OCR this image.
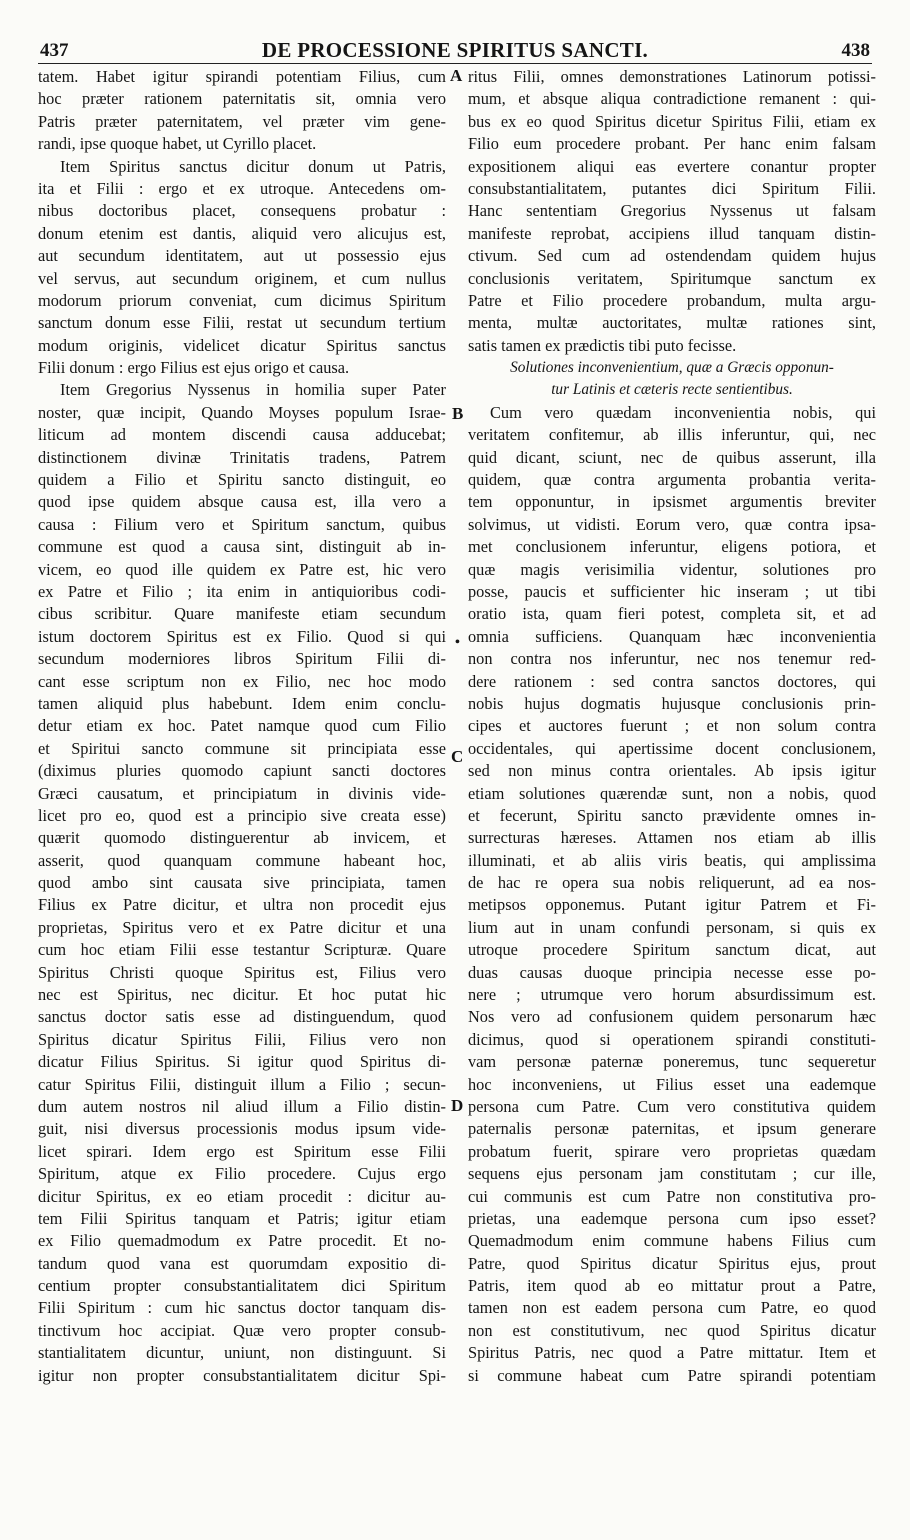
437	DE PROCESSIONE SPIRITUS SANCTI.	438
tatem. Habet igitur spirandi potentiam Filius, cum
hoc præter rationem paternitatis sit, omnia vero
Patris præter paternitatem, vel præter vim gene-
randi, ipse quoque habet, ut Cyrillo placet.
Item Spiritus sanctus dicitur donum ut Patris,
ita et Filii : ergo et ex utroque. Antecedens om-
nibus doctoribus placet, consequens probatur :
donum etenim est dantis, aliquid vero alicujus est,
aut secundum identitatem, aut ut possessio ejus
vel servus, aut secundum originem, et cum nullus
modorum priorum conveniat, cum dicimus Spiritum
sanctum donum esse Filii, restat ut secundum tertium
modum originis, videlicet dicatur Spiritus sanctus
Filii donum : ergo Filius est ejus origo et causa.
Item Gregorius Nyssenus in homilia super Pater
noster, quæ incipit, Quando Moyses populum Israe-
liticum ad montem discendi causa adducebat;
distinctionem divinæ Trinitatis tradens, Patrem
quidem a Filio et Spiritu sancto distinguit, eo
quod ipse quidem absque causa est, illa vero a
causa : Filium vero et Spiritum sanctum, quibus
commune est quod a causa sint, distinguit ab in-
vicem, eo quod ille quidem ex Patre est, hic vero
ex Patre et Filio ; ita enim in antiquioribus codi-
cibus scribitur. Quare manifeste etiam secundum
istum doctorem Spiritus est ex Filio. Quod si qui
secundum moderniores libros Spiritum Filii di-
cant esse scriptum non ex Filio, nec hoc modo
tamen aliquid plus habebunt. Idem enim conclu-
detur etiam ex hoc. Patet namque quod cum Filio
et Spiritui sancto commune sit principiata esse
(diximus pluries quomodo capiunt sancti doctores
Græci causatum, et principiatum in divinis vide-
licet pro eo, quod est a principio sive creata esse)
quærit quomodo distinguerentur ab invicem, et
asserit, quod quanquam commune habeant hoc,
quod ambo sint causata sive principiata, tamen
Filius ex Patre dicitur, et ultra non procedit ejus
proprietas, Spiritus vero et ex Patre dicitur et una
cum hoc etiam Filii esse testantur Scripturæ. Quare
Spiritus Christi quoque Spiritus est, Filius vero
nec est Spiritus, nec dicitur. Et hoc putat hic
sanctus doctor satis esse ad distinguendum, quod
Spiritus dicatur Spiritus Filii, Filius vero non
dicatur Filius Spiritus. Si igitur quod Spiritus di-
catur Spiritus Filii, distinguit illum a Filio ; secun-
dum autem nostros nil aliud illum a Filio distin-
guit, nisi diversus processionis modus ipsum vide-
licet spirari. Idem ergo est Spiritum esse Filii
Spiritum, atque ex Filio procedere. Cujus ergo
dicitur Spiritus, ex eo etiam procedit : dicitur au-
tem Filii Spiritus tanquam et Patris; igitur etiam
ex Filio quemadmodum ex Patre procedit. Et no-
tandum quod vana est quorumdam expositio di-
centium propter consubstantialitatem dici Spiritum
Filii Spiritum : cum hic sanctus doctor tanquam dis-
tinctivum hoc accipiat. Quæ vero propter consub-
stantialitatem dicuntur, uniunt, non distinguunt. Si
igitur non propter consubstantialitatem dicitur Spi-
ritus Filii, omnes demonstrationes Latinorum potissi-
mum, et absque aliqua contradictione remanent : qui-
bus ex eo quod Spiritus dicetur Spiritus Filii, etiam ex
Filio eum procedere probant. Per hanc enim falsam
expositionem aliqui eas evertere conantur propter
consubstantialitatem, putantes dici Spiritum Filii.
Hanc sententiam Gregorius Nyssenus ut falsam
manifeste reprobat, accipiens illud tanquam distin-
ctivum. Sed cum ad ostendendam quidem hujus
conclusionis veritatem, Spiritumque sanctum ex
Patre et Filio procedere probandum, multa argu-
menta, multæ auctoritates, multæ rationes sint,
satis tamen ex prædictis tibi puto fecisse.
Solutiones inconvenientium, quæ a Græcis opponun-
tur Latinis et cæteris recte sentientibus.
Cum vero quædam inconvenientia nobis, qui
veritatem confitemur, ab illis inferuntur, qui, nec
quid dicant, sciunt, nec de quibus asserunt, illa
quidem, quæ contra argumenta probantia verita-
tem opponuntur, in ipsismet argumentis breviter
solvimus, ut vidisti. Eorum vero, quæ contra ipsa-
met conclusionem inferuntur, eligens potiora, et
quæ magis verisimilia videntur, solutiones pro
posse, paucis et sufficienter hic inseram ; ut tibi
oratio ista, quam fieri potest, completa sit, et ad
omnia sufficiens. Quanquam hæc inconvenientia
non contra nos inferuntur, nec nos tenemur red-
dere rationem : sed contra sanctos doctores, qui
nobis hujus dogmatis hujusque conclusionis prin-
cipes et auctores fuerunt ; et non solum contra
occidentales, qui apertissime docent conclusionem,
sed non minus contra orientales. Ab ipsis igitur
etiam solutiones quærendæ sunt, non a nobis, quod
et fecerunt, Spiritu sancto prævidente omnes in-
surrecturas hæreses. Attamen nos etiam ab illis
illuminati, et ab aliis viris beatis, qui amplissima
de hac re opera sua nobis reliquerunt, ad ea nos-
metipsos opponemus. Putant igitur Patrem et Fi-
lium aut in unam confundi personam, si quis ex
utroque procedere Spiritum sanctum dicat, aut
duas causas duoque principia necesse esse po-
nere ; utrumque vero horum absurdissimum est.
Nos vero ad confusionem quidem personarum hæc
dicimus, quod si operationem spirandi constituti-
vam personæ paternæ poneremus, tunc sequeretur
hoc inconveniens, ut Filius esset una eademque
persona cum Patre. Cum vero constitutiva quidem
paternalis personæ paternitas, et ipsum generare
probatum fuerit, spirare vero proprietas quædam
sequens ejus personam jam constitutam ; cur ille,
cui communis est cum Patre non constitutiva pro-
prietas, una eademque persona cum ipso esset?
Quemadmodum enim commune habens Filius cum
Patre, quod Spiritus dicatur Spiritus ejus, prout
Patris, item quod ab eo mittatur prout a Patre,
tamen non est eadem persona cum Patre, eo quod
non est constitutivum, nec quod Spiritus dicatur
Spiritus Patris, nec quod a Patre mittatur. Item et
si commune habeat cum Patre spirandi potentiam
A
B
C
D
•
